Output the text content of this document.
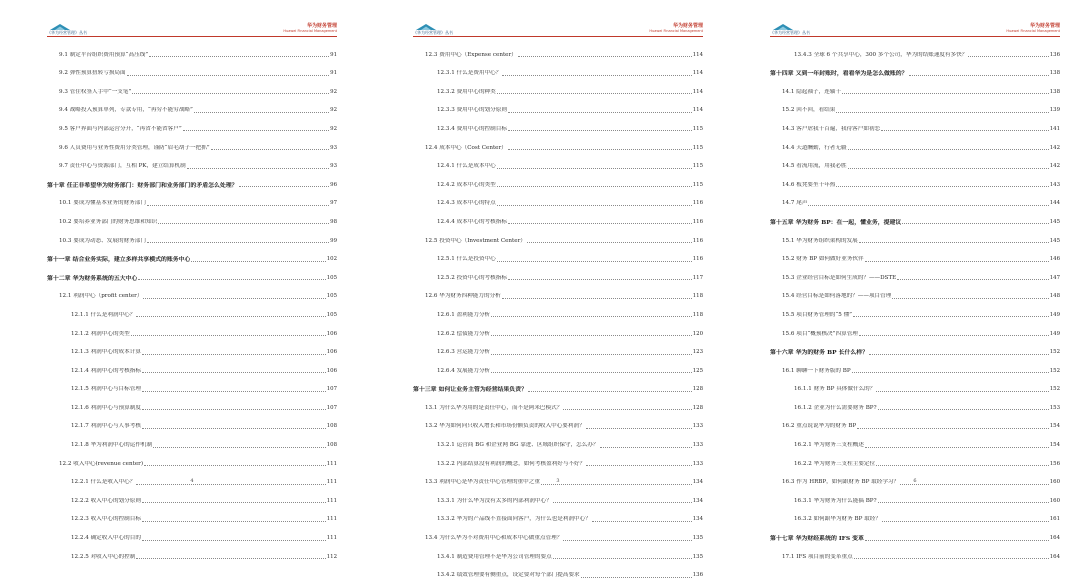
《华为经营管理》丛书
华为财务管理
Huawei Financial Management
9.1 制定平台组织费用预算“高压线”	91
9.2 弹性预算扭转亏损局面	91
9.3 管住权签人手中“一支笔”	92
9.4 战略投入预算单列，专款专用，“再穷不能穷战略”	92
9.5 客户界面与内部运营分开，“再省不能省客户”	92
9.6 人员费用与业务性费用分类管理，谨防“眉毛胡子一把抓”	93
9.7 责任中心与资源部门，互相 PK，建立结算机制	93
第十章 任正非希望华为财务部门：财务部门和业务部门的矛盾怎么处理？	96
10.1 要成为懂基本业务的财务部门	97
10.2 要培养业务部门的财务思维和知识	98
10.3 要成为动态、发展的财务部门	99
第十一章 结合业务实际，建立多样共享模式的账务中心	102
第十二章 华为财务系统的五大中心	105
12.1 利润中心（profit center）	105
12.1.1 什么是利润中心？	105
12.1.2 利润中心的类型	106
12.1.3 利润中心的成本计算	106
12.1.4 利润中心的考核指标	106
12.1.5 利润中心与目标管理	107
12.1.6 利润中心与预算制度	107
12.1.7 利润中心与人事考核	108
12.1.8 华为利润中心的运作机制	108
12.2 收入中心(revenue center)	111
12.2.1 什么是收入中心？	111
12.2.2 收入中心的划分原则	111
12.2.3 收入中心的控制目标	111
12.2.4 确定收入中心的目的	111
12.2.5 对收入中心的控制	112
4
《华为经营管理》丛书
华为财务管理
Huawei Financial Management
12.3 费用中心（Expense center）	114
12.3.1 什么是费用中心？	114
12.3.2 费用中心的种类	114
12.3.3 费用中心的划分原则	114
12.3.4 费用中心的控制目标	115
12.4 成本中心（Cost Center）	115
12.4.1 什么是成本中心	115
12.4.2 成本中心的类型	115
12.4.3 成本中心的特点	116
12.4.4 成本中心的考核指标	116
12.5 投资中心（Investment Center）	116
12.5.1 什么是投资中心	116
12.5.2 投资中心的考核指标	117
12.6 华为财务四种能力的分析	118
12.6.1 盈利能力分析	118
12.6.2 偿债能力分析	120
12.6.3 营运能力分析	123
12.6.4 发展能力分析	125
第十三章 如何让业务主管为经营结果负责？	128
13.1 为什么华为用的是责任中心，而不是阿米巴模式？	128
13.2 华为如何向只收入增长和市场份额负责的收入中心要利润？	133
13.2.1 运营商 BG 和企业网 BG 靠进、区域组织保守，怎么办？	133
13.2.2 内部结算没有利润的概念，如何考核盈利好与不好？	133
13.3 利润中心是华为责任中心管理的重中之重	134
13.3.1 为什么华为没有太多的内部利润中心？	134
13.3.2 华为的产品线不直接面向客户，为什么也是利润中心？	134
13.4 为什么华为不对费用中心和成本中心做重点管理？	135
13.4.1 制造费用管理不是华为公司管理的要点	135
13.4.2 绩效管理要有侧重点，设定要对每个部门提高要求	136
3
《华为经营管理》丛书
华为财务管理
Huawei Financial Management
13.4.3 全球 6 个共享中心，300 多个公司，华为的结账速度有多快？	136
第十四章 又到一年封账时，看看华为是怎么做账的？	138
14.1 隐起袖子，连轴干	138
15.2 回不回，看结果	139
14.3 客户虐我千百遍，我待客户如初恋	141
14.4 天道酬勤，行者无疆	142
14.5 看流用流，用我必胜	142
14.6 板凳要坐十年热	143
14.7 尾声	144
第十五章 华为财务 BP：在一起，懂业务，提建议	145
15.1 华为财务组织架构的发展	145
15.2 财务 BP 如何做好业务伙伴	146
15.3 企业经营目标是如何生成的？——DSTE	147
15.4 经营目标是如何落地的？——项目管理	148
15.5 项目财务管理的“5 懂”	149
15.6 项目“概预核决”四算管理	149
第十六章 华为的财务 BP 长什么样？	152
16.1 聊聊一下财务版的 BP	152
16.1.1 财务 BP 具体做什么的？	152
16.1.2 企业为什么需要财务 BP?	153
16.2 重点说说华为的财务 BP	154
16.2.1 华为财务三支柱概述	154
16.2.2 华为财务三支柱主要定位	156
16.3 作为 HRBP，如何跟财务 BP 取经学习？	160
16.3.1 华为财务为什么能搞 BP?	160
16.3.2 如何跟华为财务 BP 取经？	161
第十七章 华为财经系统的 IFS 变革	164
17.1 IFS 项目前的变革重点	164
6
